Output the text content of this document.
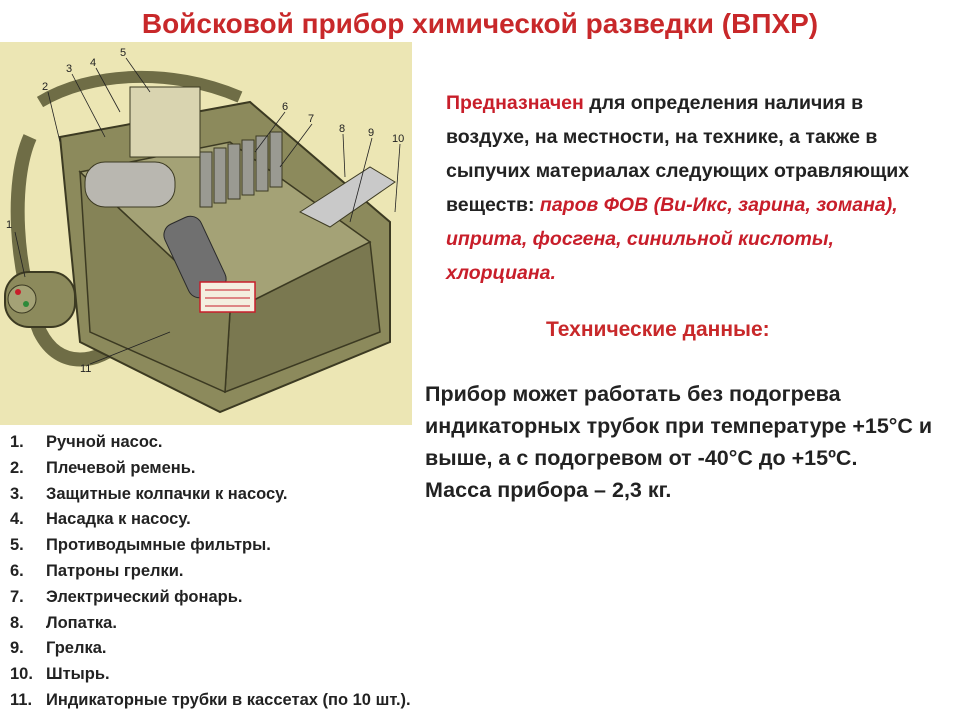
Войсковой прибор химической разведки (ВПХР)
1
2
3 4
5
6
7
8 9 10
11
Предназначен для определения наличия в воздухе, на местности, на технике, а также в сыпучих материалах следующих отравляющих веществ: паров ФОВ (Ви-Икс, зарина, зомана), иприта, фосгена, синильной кислоты, хлорциана.
Технические данные:
Прибор может работать без подогрева индикаторных трубок при температуре +15°С и выше, а с подогревом от -40°С до +15ºС.
Масса прибора – 2,3 кг.
1. Ручной насос.
2. Плечевой ремень.
3. Защитные колпачки к насосу.
4. Насадка к насосу.
5. Противодымные фильтры.
6. Патроны грелки.
7. Электрический фонарь.
8. Лопатка.
9. Грелка.
10. Штырь.
11. Индикаторные трубки в кассетах (по 10 шт.).
